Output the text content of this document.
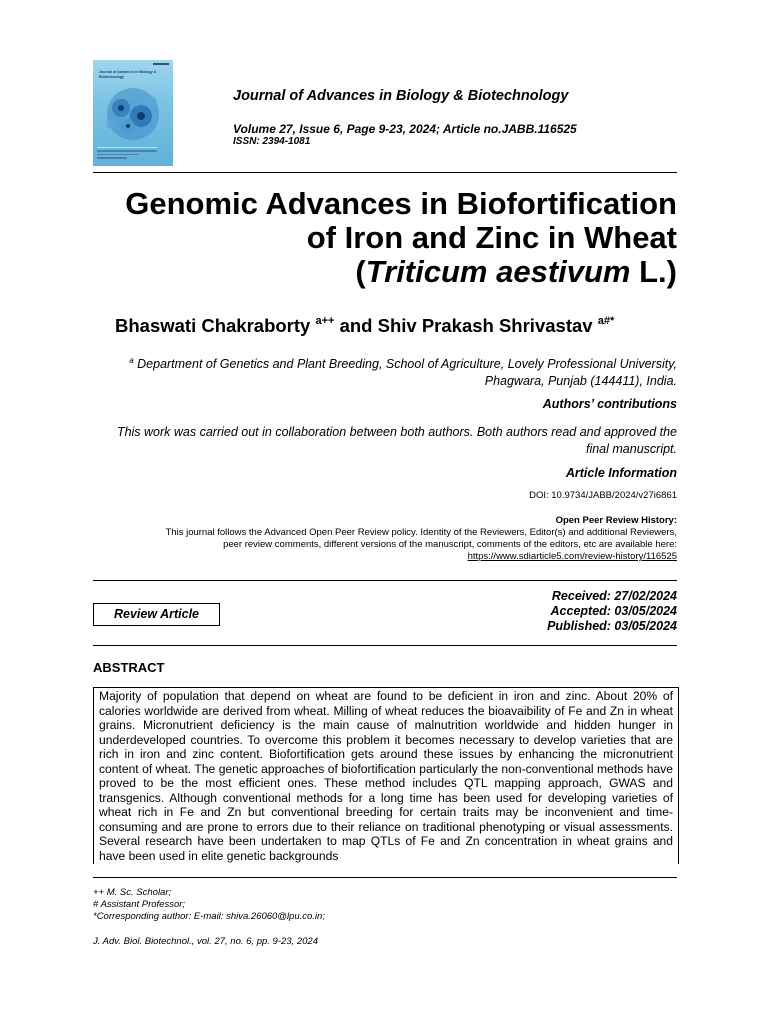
Journal of Advances in Biology & Biotechnology
Journal of Advances in Biology & Biotechnology
Volume 27, Issue 6, Page 9-23, 2024; Article no.JABB.116525
ISSN: 2394-1081
Genomic Advances in Biofortification
of Iron and Zinc in Wheat
(Triticum aestivum L.)
Bhaswati Chakraborty $^{a++}$ and Shiv Prakash Shrivastav $^{a\#*}$
$^a$ Department of Genetics and Plant Breeding, School of Agriculture, Lovely Professional University,
Phagwara, Punjab (144411), India.
Authors’ contributions
This work was carried out in collaboration between both authors. Both authors read and approved the
final manuscript.
Article Information
DOI: 10.9734/JABB/2024/v27i6861
Open Peer Review History:
This journal follows the Advanced Open Peer Review policy. Identity of the Reviewers, Editor(s) and additional Reviewers,
peer review comments, different versions of the manuscript, comments of the editors, etc are available here:
https://www.sdiarticle5.com/review-history/116525
Review Article
Received: 27/02/2024
Accepted: 03/05/2024
Published: 03/05/2024
ABSTRACT

Majority of population that depend on wheat are found to be deficient in iron and zinc. About 20% of calories worldwide are derived from wheat. Milling of wheat reduces the bioavaibility of Fe and Zn in wheat grains. Micronutrient deficiency is the main cause of malnutrition worldwide and hidden hunger in underdeveloped countries. To overcome this problem it becomes necessary to develop varieties that are rich in iron and zinc content. Biofortification gets around these issues by enhancing the micronutrient content of wheat. The genetic approaches of biofortification particularly the non-conventional methods have proved to be the most efficient ones. These method includes QTL mapping approach, GWAS and transgenics. Although conventional methods for a long time has been used for developing varieties of wheat rich in Fe and Zn but conventional breeding for certain traits may be inconvenient and time-consuming and are prone to errors due to their reliance on traditional phenotyping or visual assessments. Several research have been undertaken to map QTLs of Fe and Zn concentration in wheat grains and have been used in elite genetic backgrounds

++ M. Sc. Scholar;
# Assistant Professor;
*Corresponding author: E-mail: shiva.26060@lpu.co.in;
J. Adv. Biol. Biotechnol., vol. 27, no. 6, pp. 9-23, 2024
